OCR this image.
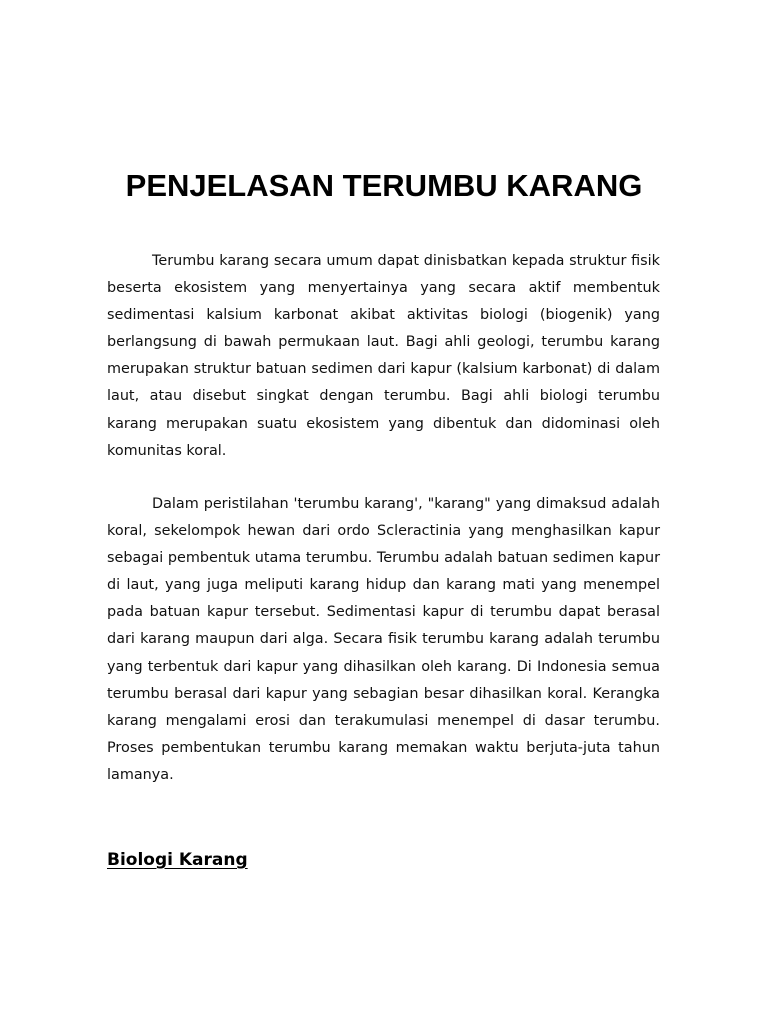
PENJELASAN TERUMBU KARANG

Terumbu karang secara umum dapat dinisbatkan kepada struktur fisik beserta ekosistem yang menyertainya yang secara aktif membentuk sedimentasi kalsium karbonat akibat aktivitas biologi (biogenik) yang berlangsung di bawah permukaan laut. Bagi ahli geologi, terumbu karang merupakan struktur batuan sedimen dari kapur (kalsium karbonat) di dalam laut, atau disebut singkat dengan terumbu. Bagi ahli biologi terumbu karang merupakan suatu ekosistem yang dibentuk dan didominasi oleh komunitas koral.

Dalam peristilahan 'terumbu karang', "karang" yang dimaksud adalah koral, sekelompok hewan dari ordo Scleractinia yang menghasilkan kapur sebagai pembentuk utama terumbu. Terumbu adalah batuan sedimen kapur di laut, yang juga meliputi karang hidup dan karang mati yang menempel pada batuan kapur tersebut. Sedimentasi kapur di terumbu dapat berasal dari karang maupun dari alga. Secara fisik terumbu karang adalah terumbu yang terbentuk dari kapur yang dihasilkan oleh karang. Di Indonesia semua terumbu berasal dari kapur yang sebagian besar dihasilkan koral. Kerangka karang mengalami erosi dan terakumulasi menempel di dasar terumbu. Proses pembentukan terumbu karang memakan waktu berjuta-juta tahun lamanya.

Biologi Karang
